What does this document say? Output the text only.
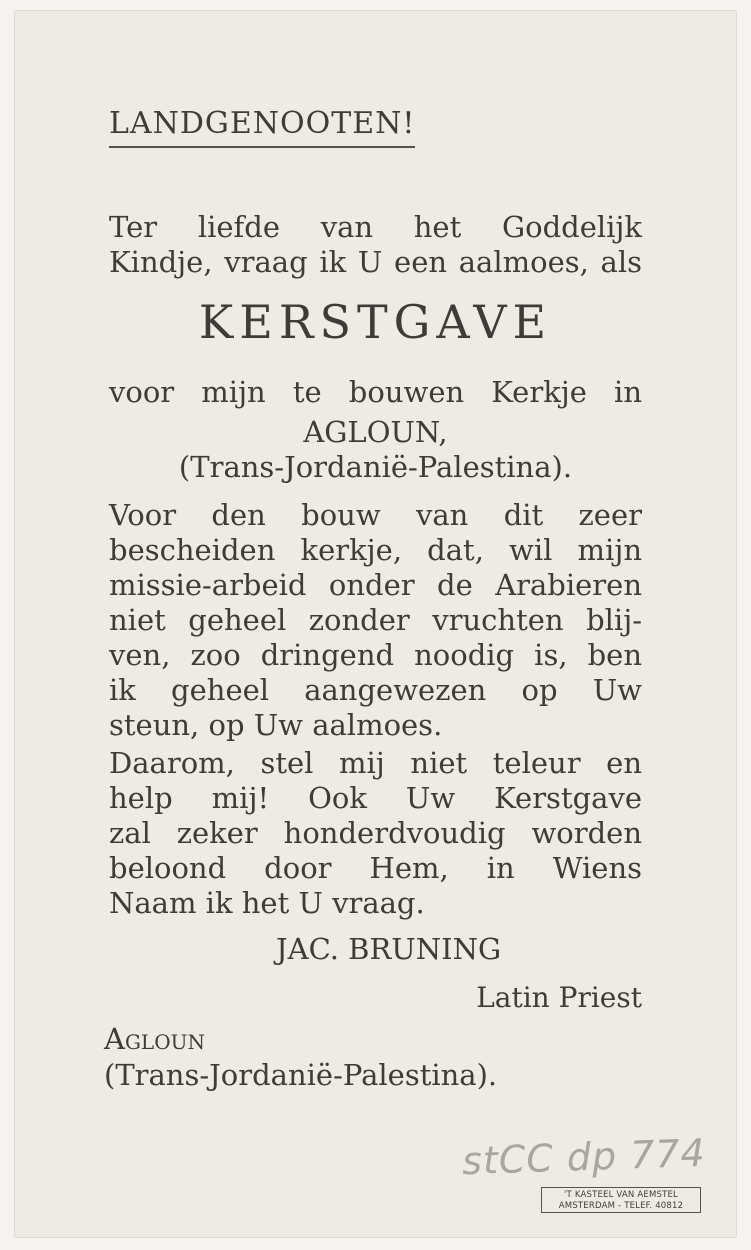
LANDGENOOTEN!
Ter liefde van het Goddelijk
Kindje, vraag ik U een aalmoes, als
KERSTGAVE
voor mijn te bouwen Kerkje in
AGLOUN,
(Trans-Jordanië-Palestina).
Voor den bouw van dit zeer
bescheiden kerkje, dat, wil mijn
missie-arbeid onder de Arabieren
niet geheel zonder vruchten blij-
ven, zoo dringend noodig is, ben
ik geheel aangewezen op Uw
steun, op Uw aalmoes.
Daarom, stel mij niet teleur en
help mij! Ook Uw Kerstgave
zal zeker honderdvoudig worden
beloond door Hem, in Wiens
Naam ik het U vraag.
JAC. BRUNING
Latin Priest
Agloun
(Trans-Jordanië-Palestina).
stCC dp 774
'T KASTEEL VAN AEMSTEL
AMSTERDAM - TELEF. 40812
